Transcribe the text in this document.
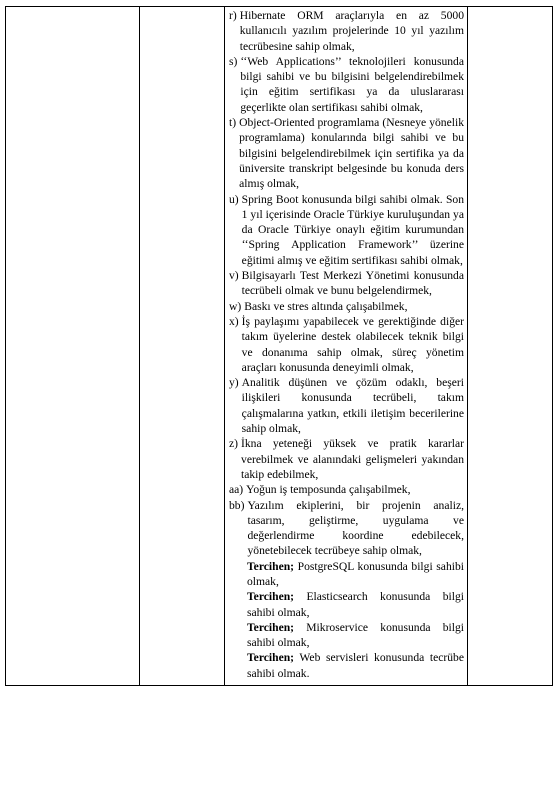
r) Hibernate ORM araçlarıyla en az 5000 kullanıcılı yazılım projelerinde 10 yıl yazılım tecrübesine sahip olmak,
s) ‘‘Web Applications’’ teknolojileri konusunda bilgi sahibi ve bu bilgisini belgelendirebilmek için eğitim sertifikası ya da uluslararası geçerlikte olan sertifikası sahibi olmak,
t) Object-Oriented programlama (Nesneye yönelik programlama) konularında bilgi sahibi ve bu bilgisini belgelendirebilmek için sertifika ya da üniversite transkript belgesinde bu konuda ders almış olmak,
u) Spring Boot konusunda bilgi sahibi olmak. Son 1 yıl içerisinde Oracle Türkiye kuruluşundan ya da Oracle Türkiye onaylı eğitim kurumundan ‘‘Spring Application Framework’’ üzerine eğitimi almış ve eğitim sertifikası sahibi olmak,
v) Bilgisayarlı Test Merkezi Yönetimi konusunda tecrübeli olmak ve bunu belgelendirmek,
w) Baskı ve stres altında çalışabilmek,
x) İş paylaşımı yapabilecek ve gerektiğinde diğer takım üyelerine destek olabilecek teknik bilgi ve donanıma sahip olmak, süreç yönetim araçları konusunda deneyimli olmak,
y) Analitik düşünen ve çözüm odaklı, beşeri ilişkileri konusunda tecrübeli, takım çalışmalarına yatkın, etkili iletişim becerilerine sahip olmak,
z) İkna yeteneği yüksek ve pratik kararlar verebilmek ve alanındaki gelişmeleri yakından takip edebilmek,
aa) Yoğun iş temposunda çalışabilmek,
bb) Yazılım ekiplerini, bir projenin analiz, tasarım, geliştirme, uygulama ve değerlendirme koordine edebilecek, yönetebilecek tecrübeye sahip olmak,
Tercihen; PostgreSQL konusunda bilgi sahibi olmak,
Tercihen; Elasticsearch konusunda bilgi sahibi olmak,
Tercihen; Mikroservice konusunda bilgi sahibi olmak,
Tercihen; Web servisleri konusunda tecrübe sahibi olmak.
